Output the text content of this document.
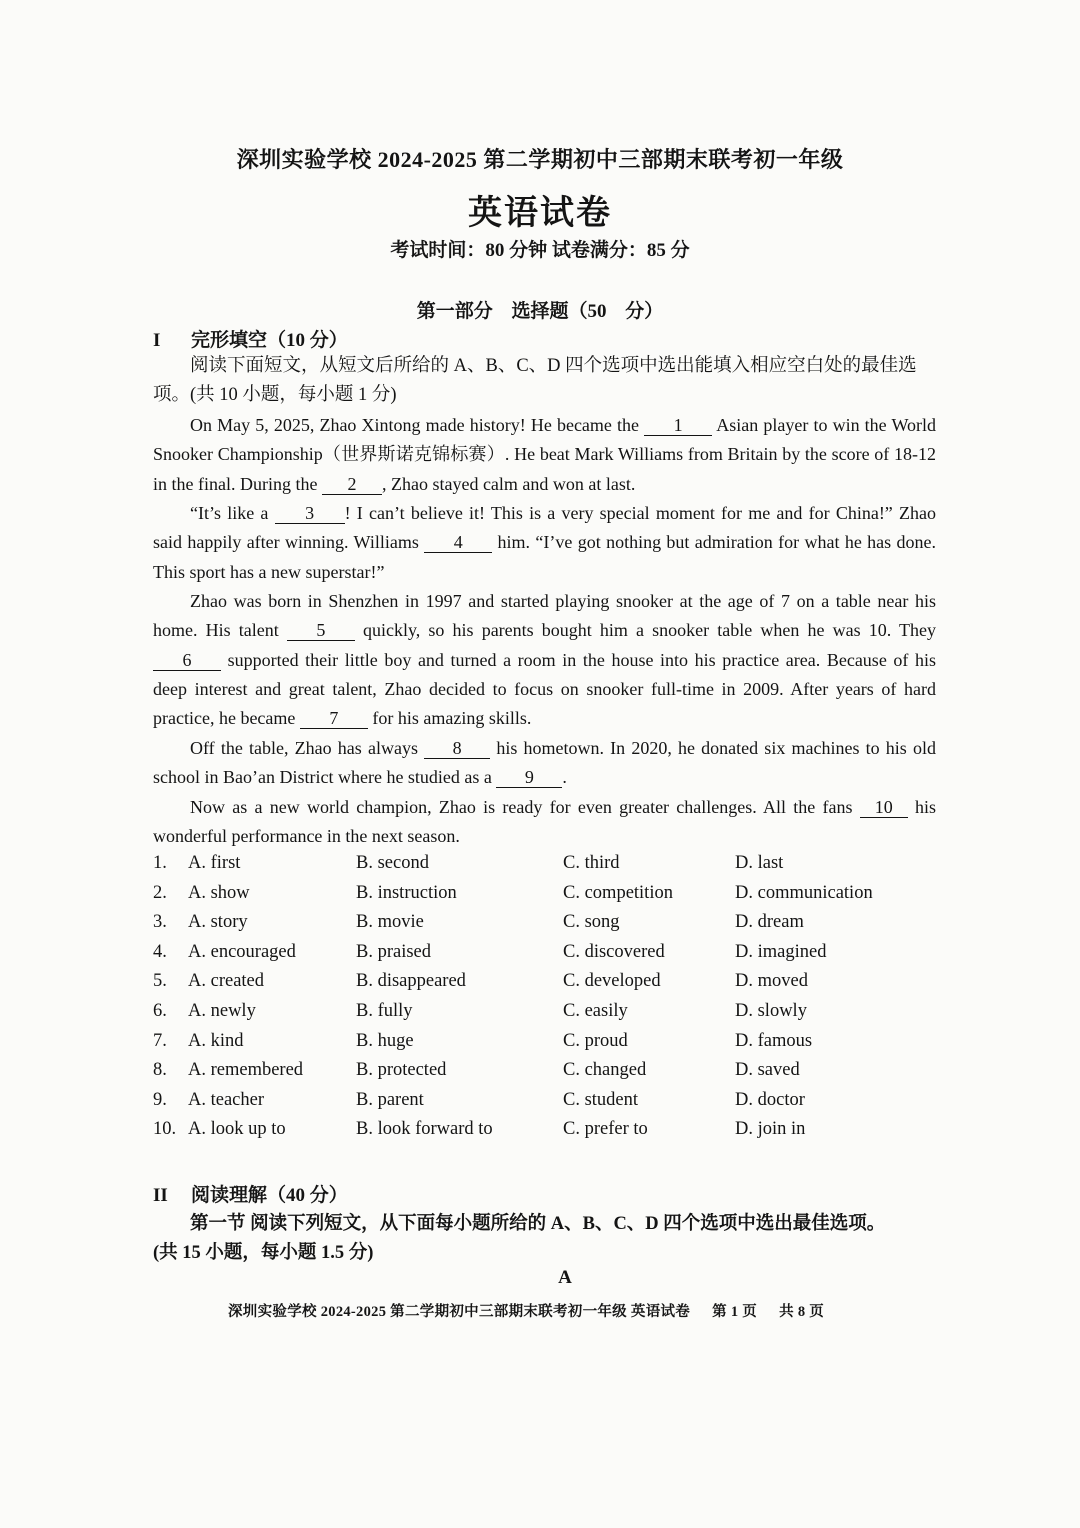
深圳实验学校 2024-2025 第二学期初中三部期末联考初一年级
英语试卷
考试时间：80 分钟 试卷满分：85 分
第一部分 选择题（50 分）
I 完形填空（10 分）
阅读下面短文，从短文后所给的 A、B、C、D 四个选项中选出能填入相应空白处的最佳选项。(共 10 小题，每小题 1 分)
On May 5, 2025, Zhao Xintong made history! He became the 1 Asian player to win the World Snooker Championship（世界斯诺克锦标赛）. He beat Mark Williams from Britain by the score of 18-12 in the final. During the 2 , Zhao stayed calm and won at last.
“It’s like a 3 ! I can’t believe it! This is a very special moment for me and for China!” Zhao said happily after winning. Williams 4 him. “I’ve got nothing but admiration for what he has done. This sport has a new superstar!”
Zhao was born in Shenzhen in 1997 and started playing snooker at the age of 7 on a table near his home. His talent 5 quickly, so his parents bought him a snooker table when he was 10. They 6 supported their little boy and turned a room in the house into his practice area. Because of his deep interest and great talent, Zhao decided to focus on snooker full-time in 2009. After years of hard practice, he became 7 for his amazing skills.
Off the table, Zhao has always 8 his hometown. In 2020, he donated six machines to his old school in Bao’an District where he studied as a 9 .
Now as a new world champion, Zhao is ready for even greater challenges. All the fans 10 his wonderful performance in the next season.
1. A. first	B. second	C. third	D. last
2. A. show	B. instruction	C. competition	D. communication
3. A. story	B. movie	C. song	D. dream
4. A. encouraged	B. praised	C. discovered	D. imagined
5. A. created	B. disappeared	C. developed	D. moved
6. A. newly	B. fully	C. easily	D. slowly
7. A. kind	B. huge	C. proud	D. famous
8. A. remembered	B. protected	C. changed	D. saved
9. A. teacher	B. parent	C. student	D. doctor
10. A. look up to	B. look forward to	C. prefer to	D. join in
II 阅读理解（40 分）
第一节 阅读下列短文，从下面每小题所给的 A、B、C、D 四个选项中选出最佳选项。
(共 15 小题，每小题 1.5 分)
A
深圳实验学校 2024-2025 第二学期初中三部期末联考初一年级 英语试卷 第 1 页 共 8 页
